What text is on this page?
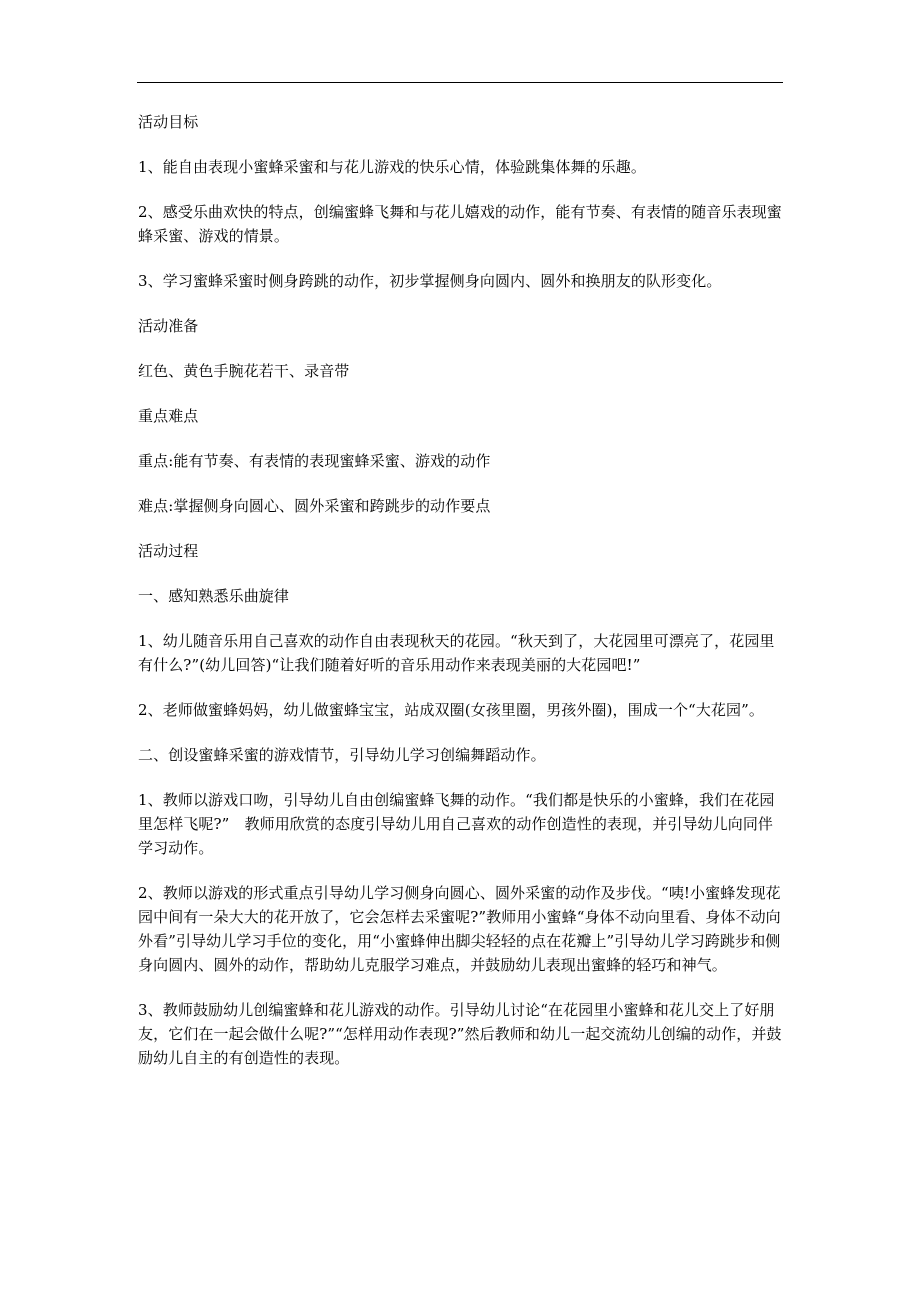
活动目标

1、能自由表现小蜜蜂采蜜和与花儿游戏的快乐心情，体验跳集体舞的乐趣。

2、感受乐曲欢快的特点，创编蜜蜂飞舞和与花儿嬉戏的动作，能有节奏、有表情的随音乐表现蜜蜂采蜜、游戏的情景。

3、学习蜜蜂采蜜时侧身跨跳的动作，初步掌握侧身向圆内、圆外和换朋友的队形变化。

活动准备

红色、黄色手腕花若干、录音带

重点难点

重点:能有节奏、有表情的表现蜜蜂采蜜、游戏的动作

难点:掌握侧身向圆心、圆外采蜜和跨跳步的动作要点

活动过程

一、感知熟悉乐曲旋律

1、幼儿随音乐用自己喜欢的动作自由表现秋天的花园。“秋天到了，大花园里可漂亮了，花园里有什么?”(幼儿回答)“让我们随着好听的音乐用动作来表现美丽的大花园吧!”

2、老师做蜜蜂妈妈，幼儿做蜜蜂宝宝，站成双圈(女孩里圈，男孩外圈)，围成一个“大花园”。

二、创设蜜蜂采蜜的游戏情节，引导幼儿学习创编舞蹈动作。

1、教师以游戏口吻，引导幼儿自由创编蜜蜂飞舞的动作。“我们都是快乐的小蜜蜂，我们在花园里怎样飞呢?”　教师用欣赏的态度引导幼儿用自己喜欢的动作创造性的表现，并引导幼儿向同伴学习动作。

2、教师以游戏的形式重点引导幼儿学习侧身向圆心、圆外采蜜的动作及步伐。“咦!小蜜蜂发现花园中间有一朵大大的花开放了，它会怎样去采蜜呢?”教师用小蜜蜂“身体不动向里看、身体不动向外看”引导幼儿学习手位的变化，用“小蜜蜂伸出脚尖轻轻的点在花瓣上”引导幼儿学习跨跳步和侧身向圆内、圆外的动作，帮助幼儿克服学习难点，并鼓励幼儿表现出蜜蜂的轻巧和神气。

3、教师鼓励幼儿创编蜜蜂和花儿游戏的动作。引导幼儿讨论“在花园里小蜜蜂和花儿交上了好朋友，它们在一起会做什么呢?”“怎样用动作表现?”然后教师和幼儿一起交流幼儿创编的动作，并鼓励幼儿自主的有创造性的表现。
